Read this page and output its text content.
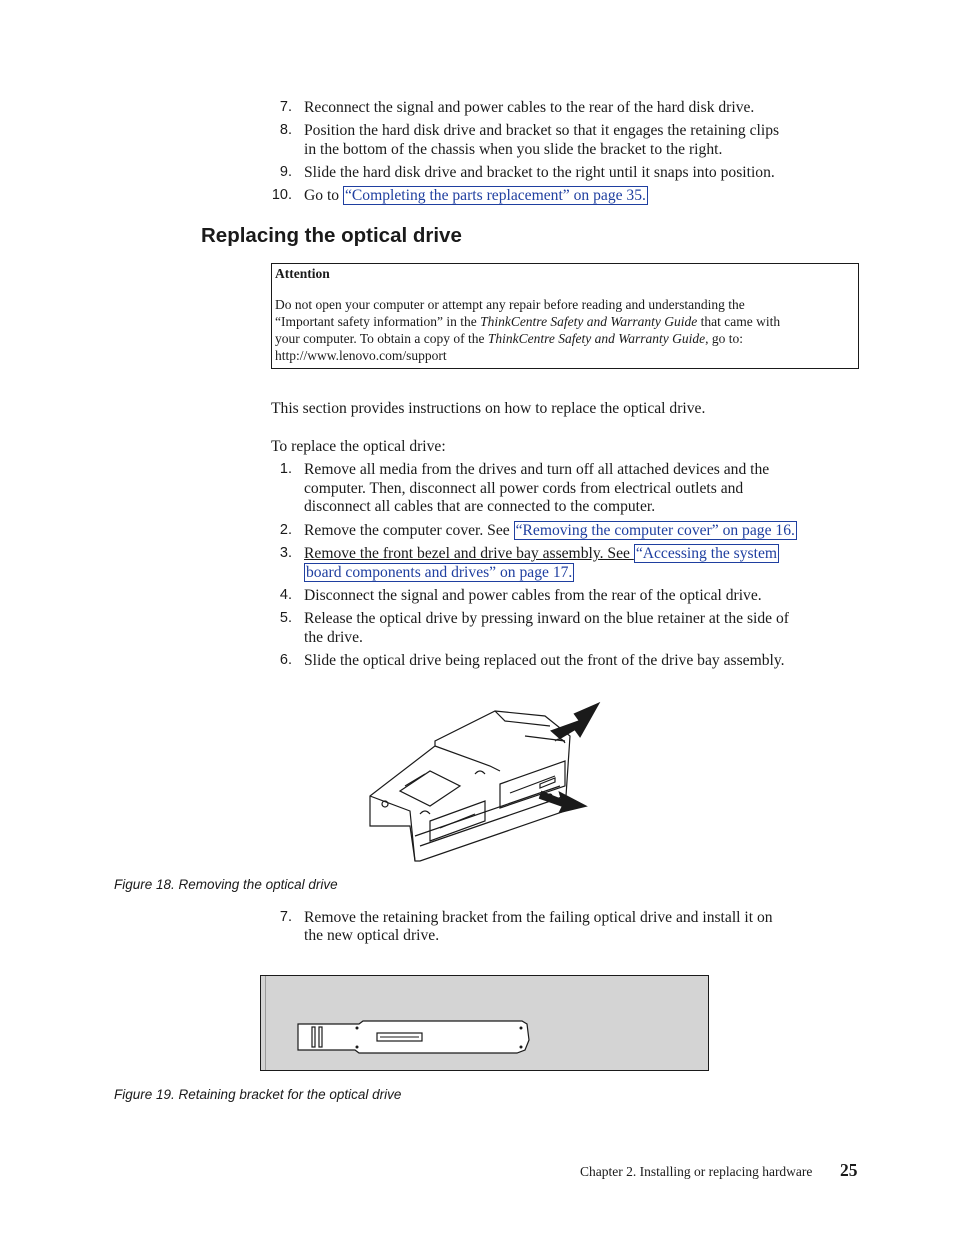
7. Reconnect the signal and power cables to the rear of the hard disk drive.
8. Position the hard disk drive and bracket so that it engages the retaining clips
in the bottom of the chassis when you slide the bracket to the right.
9. Slide the hard disk drive and bracket to the right until it snaps into position.
10. Go to “Completing the parts replacement” on page 35.
Replacing the optical drive
Attention
Do not open your computer or attempt any repair before reading and understanding the
“Important safety information” in the ThinkCentre Safety and Warranty Guide that came with
your computer. To obtain a copy of the ThinkCentre Safety and Warranty Guide, go to:
http://www.lenovo.com/support
This section provides instructions on how to replace the optical drive.
To replace the optical drive:
1. Remove all media from the drives and turn off all attached devices and the
computer. Then, disconnect all power cords from electrical outlets and
disconnect all cables that are connected to the computer.
2. Remove the computer cover. See “Removing the computer cover” on page 16.
3. Remove the front bezel and drive bay assembly. See “Accessing the system
board components and drives” on page 17.
4. Disconnect the signal and power cables from the rear of the optical drive.
5. Release the optical drive by pressing inward on the blue retainer at the side of
the drive.
6. Slide the optical drive being replaced out the front of the drive bay assembly.
Figure 18. Removing the optical drive
7. Remove the retaining bracket from the failing optical drive and install it on
the new optical drive.
Figure 19. Retaining bracket for the optical drive
Chapter 2. Installing or replacing hardware 25
